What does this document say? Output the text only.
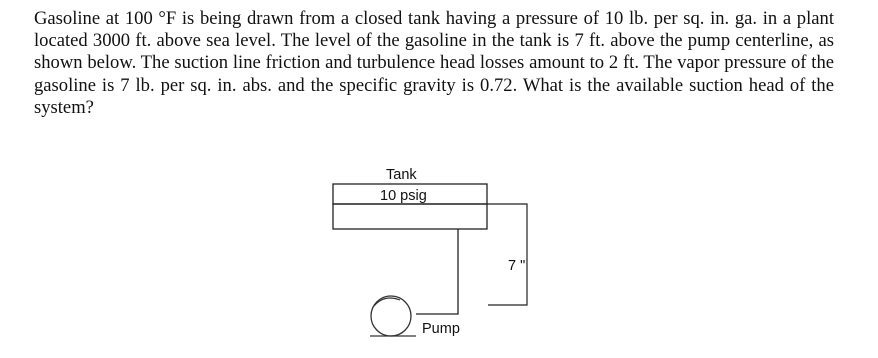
Gasoline at 100 °F is being drawn from a closed tank having a pressure of 10 lb. per sq. in. ga. in a plant located 3000 ft. above sea level. The level of the gasoline in the tank is 7 ft. above the pump centerline, as shown below. The suction line friction and turbulence head losses amount to 2 ft. The vapor pressure of the gasoline is 7 lb. per sq. in. abs. and the specific gravity is 0.72. What is the available suction head of the system?

Tank
10 psig
7 "
Pump
